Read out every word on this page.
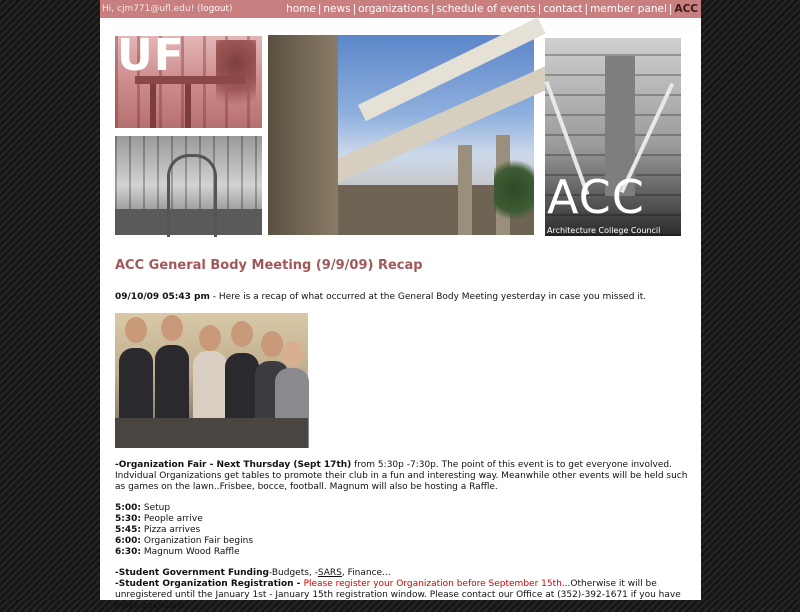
Hi, cjm771@ufl.edu! (logout)	home | news | organizations | schedule of events | contact | member panel | ACC
UF
ACC
Architecture College Council
ACC General Body Meeting (9/9/09) Recap
09/10/09 05:43 pm - Here is a recap of what occurred at the General Body Meeting yesterday in case you missed it.

-Organization Fair - Next Thursday (Sept 17th) from 5:30p -7:30p. The point of this event is to get everyone involved. Indvidual Organizations get tables to promote their club in a fun and interesting way. Meanwhile other events will be held such as games on the lawn..Frisbee, bocce, football. Magnum will also be hosting a Raffle.

5:00: Setup
5:30: People arrive
5:45: Pizza arrives
6:00: Organization Fair begins
6:30: Magnum Wood Raffle
-Student Government Funding-Budgets, -SARS, Finance...
-Student Organization Registration - Please register your Organization before September 15th...Otherwise it will be unregistered until the January 1st - January 15th registration window. Please contact our Office at (352)-392-1671 if you have more questions.
